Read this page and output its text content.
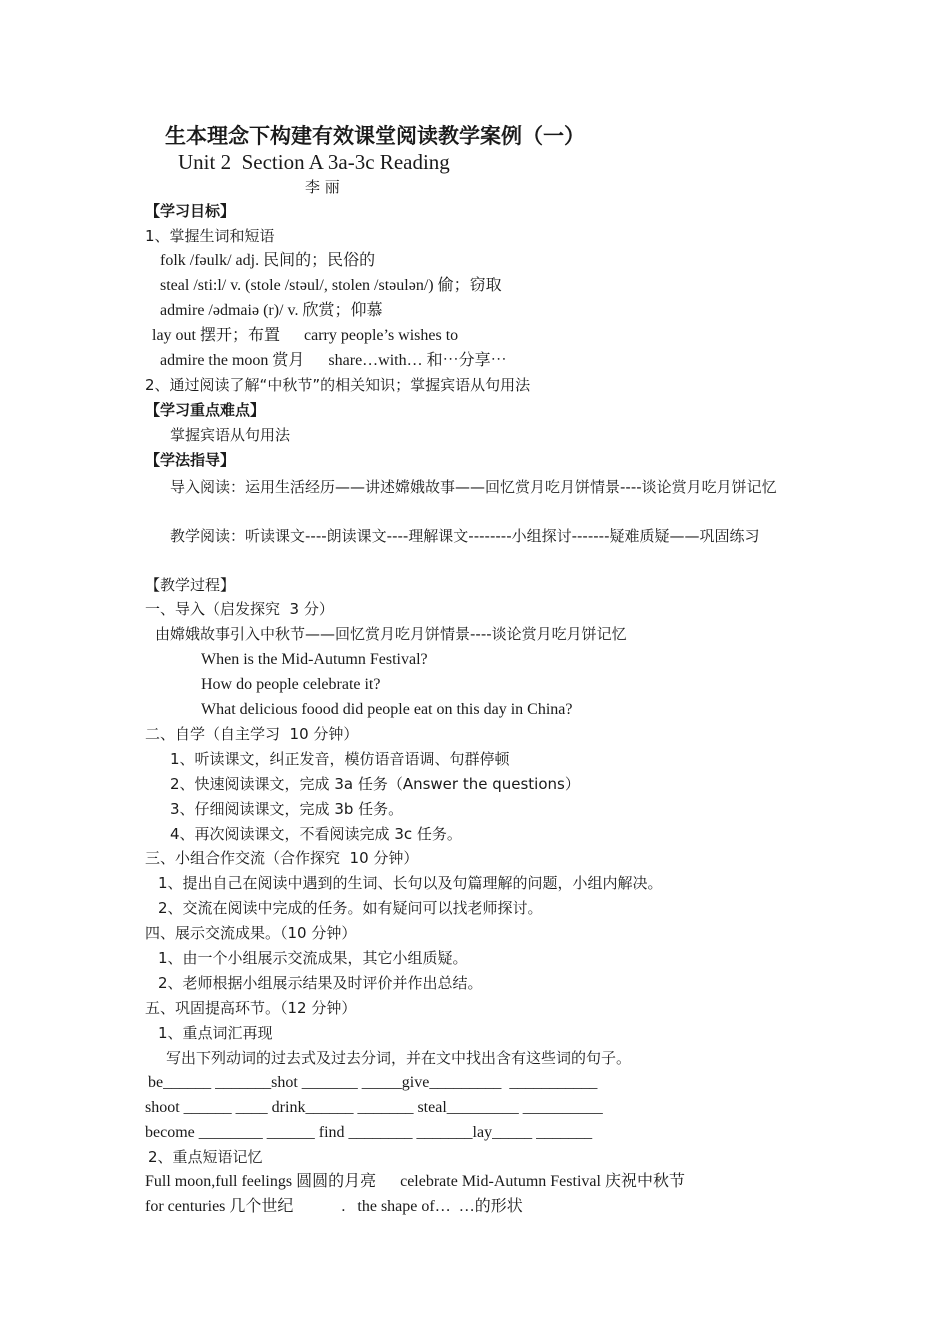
生本理念下构建有效课堂阅读教学案例（一）
Unit 2  Section A 3a-3c Reading
李 丽
【学习目标】
1、掌握生词和短语
folk /fəulk/ adj. 民间的；民俗的
steal /sti:l/ v. (stole /stəul/, stolen /stəulən/) 偷；窃取
admire /ədmaiə (r)/ v. 欣赏；仰慕
lay out 摆开；布置      carry people’s wishes to
admire the moon 赏月      share…with… 和⋯分享⋯
2、通过阅读了解“中秋节”的相关知识；掌握宾语从句用法
【学习重点难点】
掌握宾语从句用法
【学法指导】
导入阅读：运用生活经历——讲述嫦娥故事——回忆赏月吃月饼情景----谈论赏月吃月饼记忆
教学阅读：听读课文----朗读课文----理解课文--------小组探讨-------疑难质疑——巩固练习
【教学过程】
一、导入（启发探究  3 分）
由嫦娥故事引入中秋节——回忆赏月吃月饼情景----谈论赏月吃月饼记忆
When is the Mid-Autumn Festival?
How do people celebrate it?
What delicious foood did people eat on this day in China?
二、自学（自主学习  10 分钟）
1、听读课文，纠正发音，模仿语音语调、句群停顿
2、快速阅读课文，完成 3a 任务（Answer the questions）
3、仔细阅读课文，完成 3b 任务。
4、再次阅读课文，不看阅读完成 3c 任务。
三、小组合作交流（合作探究  10 分钟）
1、提出自己在阅读中遇到的生词、长句以及句篇理解的问题，小组内解决。
2、交流在阅读中完成的任务。如有疑问可以找老师探讨。
四、展示交流成果。（10 分钟）
1、由一个小组展示交流成果，其它小组质疑。
2、老师根据小组展示结果及时评价并作出总结。
五、巩固提高环节。（12 分钟）
1、重点词汇再现
写出下列动词的过去式及过去分词，并在文中找出含有这些词的句子。
be______ _______shot _______ _____give_________  ___________
shoot ______ ____ drink______ _______ steal_________ __________
become ________ ______ find ________ _______lay_____ _______
2、重点短语记忆
Full moon,full feelings 圆圆的月亮      celebrate Mid-Autumn Festival 庆祝中秋节
for centuries 几个世纪            .   the shape of…  …的形状
